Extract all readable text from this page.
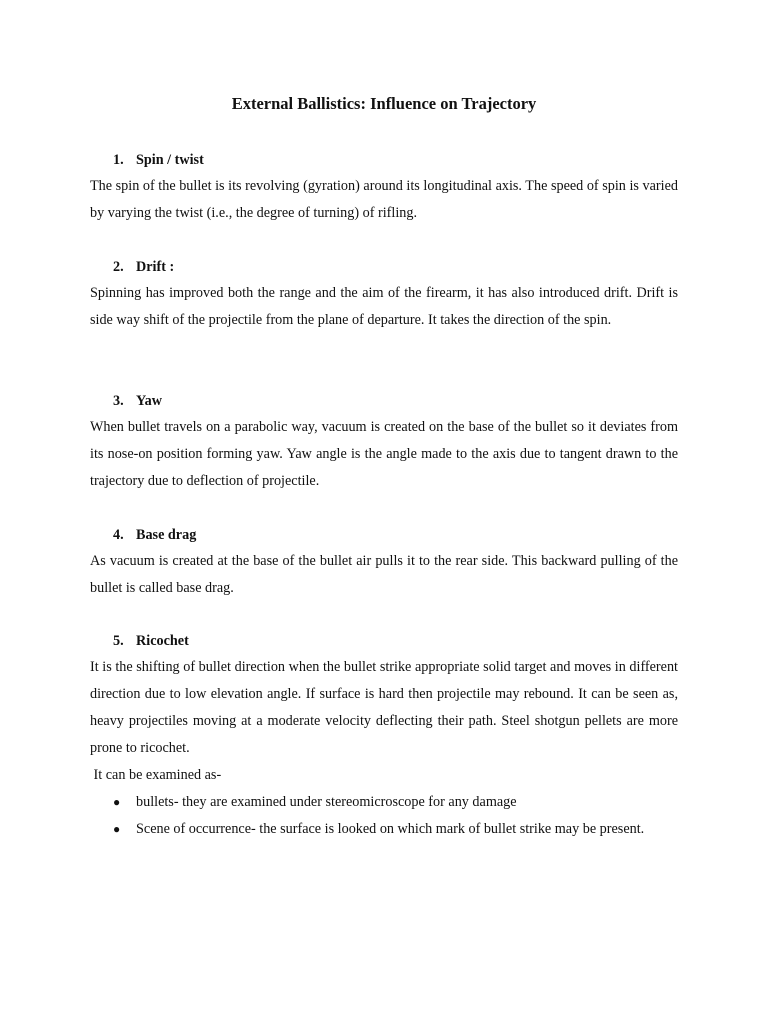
External Ballistics: Influence on Trajectory
1. Spin / twist

The spin of the bullet is its revolving (gyration) around its longitudinal axis. The speed of spin is varied by varying the twist (i.e., the degree of turning) of rifling.

2. Drift :

Spinning has improved both the range and the aim of the firearm, it has also introduced drift. Drift is side way shift of the projectile from the plane of departure. It takes the direction of the spin.

3. Yaw

When bullet travels on a parabolic way, vacuum is created on the base of the bullet so it deviates from its nose-on position forming yaw. Yaw angle is the angle made to the axis due to tangent drawn to the trajectory due to deflection of projectile.

4. Base drag

As vacuum is created at the base of the bullet air pulls it to the rear side. This backward pulling of the bullet is called base drag.

5. Ricochet

It is the shifting of bullet direction when the bullet strike appropriate solid target and moves in different direction due to low elevation angle. If surface is hard then projectile may rebound. It can be seen as, heavy projectiles moving at a moderate velocity deflecting their path. Steel shotgun pellets are more prone to ricochet.

It can be examined as-

● bullets- they are examined under stereomicroscope for any damage
● Scene of occurrence- the surface is looked on which mark of bullet strike may be present.
